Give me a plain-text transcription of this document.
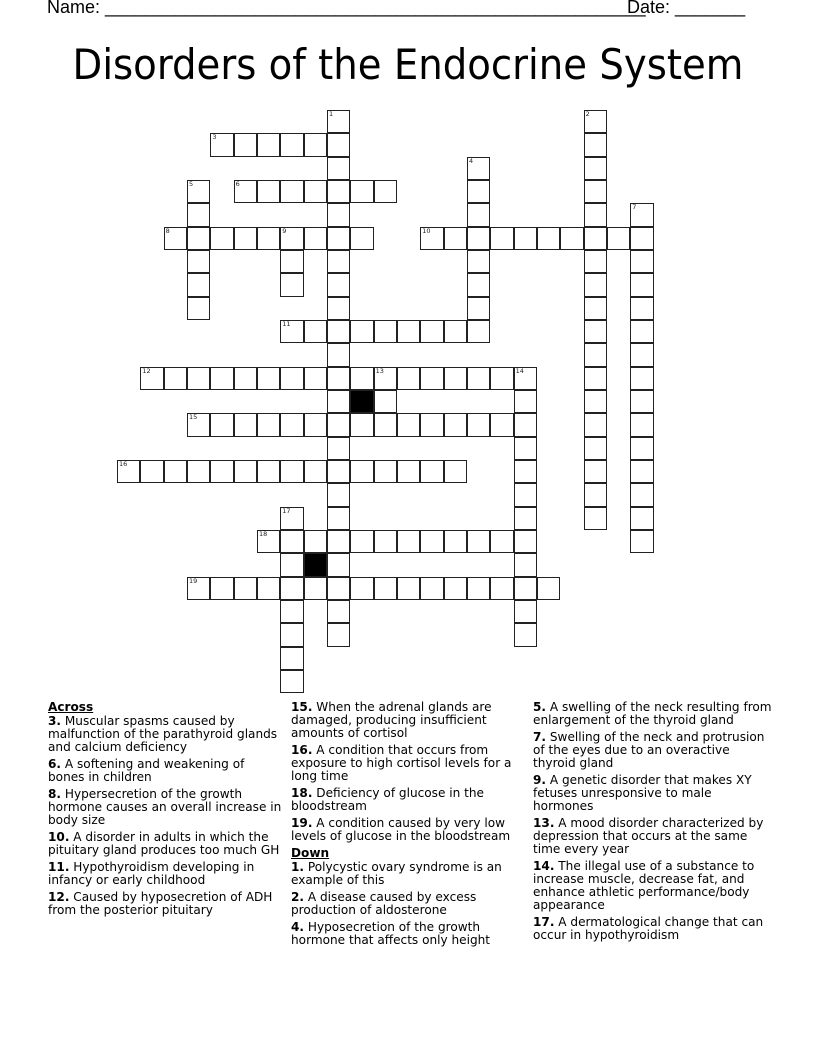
Name: ______________________________________________________
Date: _______
Disorders of the Endocrine System
3
6
8	9	10
11
12	13	14
15
16
18
19
1	2
4
5
7
17
Across
3. Muscular spasms caused by malfunction of the parathyroid glands and calcium deficiency
6. A softening and weakening of bones in children
8. Hypersecretion of the growth hormone causes an overall increase in body size
10. A disorder in adults in which the pituitary gland produces too much GH
11. Hypothyroidism developing in infancy or early childhood
12. Caused by hyposecretion of ADH from the posterior pituitary
15. When the adrenal glands are damaged, producing insufficient amounts of cortisol
16. A condition that occurs from exposure to high cortisol levels for a long time
18. Deficiency of glucose in the bloodstream
19. A condition caused by very low levels of glucose in the bloodstream
Down
1. Polycystic ovary syndrome is an example of this
2. A disease caused by excess production of aldosterone
4. Hyposecretion of the growth hormone that affects only height
5. A swelling of the neck resulting from enlargement of the thyroid gland
7. Swelling of the neck and protrusion of the eyes due to an overactive thyroid gland
9. A genetic disorder that makes XY fetuses unresponsive to male hormones
13. A mood disorder characterized by depression that occurs at the same time every year
14. The illegal use of a substance to increase muscle, decrease fat, and enhance athletic performance/body appearance
17. A dermatological change that can occur in hypothyroidism
